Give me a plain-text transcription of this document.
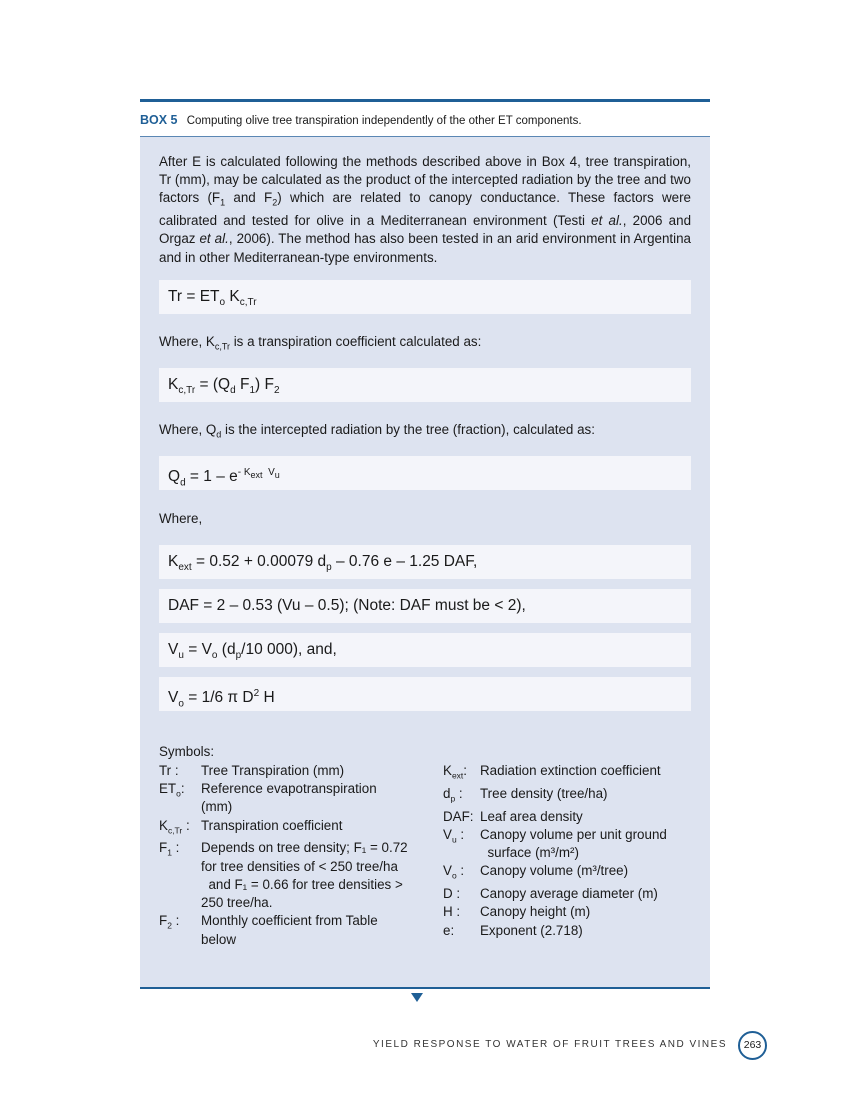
BOX 5 Computing olive tree transpiration independently of the other ET components.
After E is calculated following the methods described above in Box 4, tree transpiration, Tr (mm), may be calculated as the product of the intercepted radiation by the tree and two factors ($F_1$ and $F_2$) which are related to canopy conductance. These factors were calibrated and tested for olive in a Mediterranean environment (Testi et al., 2006 and Orgaz et al., 2006). The method has also been tested in an arid environment in Argentina and in other Mediterranean-type environments.
$Tr = ET_o$ $K_{c,Tr}$
Where, $K_{c,Tr}$ is a transpiration coefficient calculated as:
$K_{c,Tr} = (Q_d$ $F_1$) $F_2$
Where, $Q_d$ is the intercepted radiation by the tree (fraction), calculated as:
$Q_d = 1 - e^{- K_{ext} V_u}$
Where,
$K_{ext} = 0.52 + 0.00079$ $d_p - 0.76$ e – 1.25 DAF,
DAF = 2 – 0.53 (Vu – 0.5); (Note: DAF must be < 2),
$V_u = V_o$ ($d_p/10$ 000), and,
$V_o = 1/6$ π $D^2$ H
Symbols:
Tr :	Tree Transpiration (mm)
$ET_o$:	Reference evapotranspiration
(mm)
$K_{c,Tr}$ : Transpiration coefficient
$F_1$ :	Depends on tree density; F₁ = 0.72
for tree densities of < 250 tree/ha
and F₁ = 0.66 for tree densities >
250 tree/ha.
$F_2$ :	Monthly coefficient from Table
below
$K_{ext}$: Radiation extinction coefficient
$d_p$ :	Tree density (tree/ha)
DAF: Leaf area density
$V_u$ :	Canopy volume per unit ground
surface (m³/m²)
$V_o$ :	Canopy volume (m³/tree)
D :	Canopy average diameter (m)
H :	Canopy height (m)
e:	Exponent (2.718)
YIELD RESPONSE TO WATER OF FRUIT TREES AND VINES	263
